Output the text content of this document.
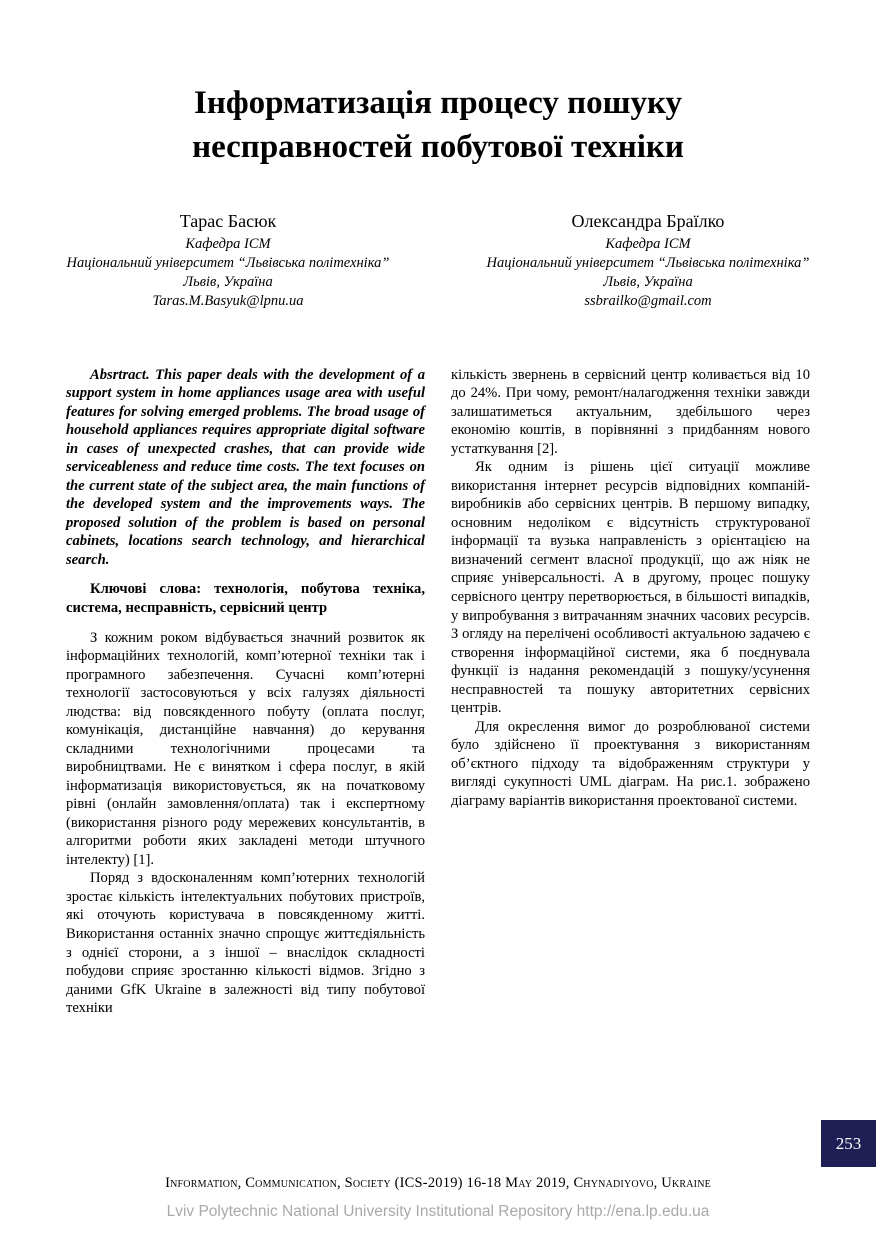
Інформатизація процесу пошуку несправностей побутової техніки
Тарас Басюк
Кафедра ІСМ
Національний університет “Львівська політехніка”
Львів, Україна
Taras.M.Basyuk@lpnu.ua
Олександра Браїлко
Кафедра ІСМ
Національний університет “Львівська політехніка”
Львів, Україна
ssbrailko@gmail.com

Absrtract. This paper deals with the development of a support system in home appliances usage area with useful features for solving emerged problems. The broad usage of household appliances requires appropriate digital software in cases of unexpected crashes, that can provide wide serviceableness and reduce time costs. The text focuses on the current state of the subject area, the main functions of the developed system and the improvements ways. The proposed solution of the problem is based on personal cabinets, locations search technology, and hierarchical search.

Ключові слова: технологія, побутова техніка, система, несправність, сервісний центр

З кожним роком відбувається значний розвиток як інформаційних технологій, комп’ютерної техніки так і програмного забезпечення. Сучасні комп’ютерні технології застосовуються у всіх галузях діяльності людства: від повсякденного побуту (оплата послуг, комунікація, дистанційне навчання) до керування складними технологічними процесами та виробництвами. Не є винятком і сфера послуг, в якій інформатизація використовується, як на початковому рівні (онлайн замовлення/оплата) так і експертному (використання різного роду мережевих консультантів, в алгоритми роботи яких закладені методи штучного інтелекту) [1].

Поряд з вдосконаленням комп’ютерних технологій зростає кількість інтелектуальних побутових пристроїв, які оточують користувача в повсякденному житті. Використання останніх значно спрощує життєдіяльність з однієї сторони, а з іншої – внаслідок складності побудови сприяє зростанню кількості відмов. Згідно з даними GfK Ukraine в залежності від типу побутової техніки

кількість звернень в сервісний центр коливається від 10 до 24%. При чому, ремонт/налагодження техніки завжди залишатиметься актуальним, здебільшого через економію коштів, в порівнянні з придбанням нового устаткування [2].

Як одним із рішень цієї ситуації можливе використання інтернет ресурсів відповідних компаній-виробників або сервісних центрів. В першому випадку, основним недоліком є відсутність структурованої інформації та вузька направленість з орієнтацією на визначений сегмент власної продукції, що аж ніяк не сприяє універсальності. А в другому, процес пошуку сервісного центру перетворюється, в більшості випадків, у випробування з витрачанням значних часових ресурсів. З огляду на перелічені особливості актуальною задачею є створення інформаційної системи, яка б поєднувала функції із надання рекомендацій з пошуку/усунення несправностей та пошуку авторитетних сервісних центрів.

Для окреслення вимог до розроблюваної системи було здійснено її проектування з використанням об’єктного підходу та відображенням структури у вигляді сукупності UML діаграм. На рис.1. зображено діаграму варіантів використання проектованої системи.

253
Information, Communication, Society (ICS-2019) 16-18 May 2019, Chynadiyovo, Ukraine
Lviv Polytechnic National University Institutional Repository http://ena.lp.edu.ua
